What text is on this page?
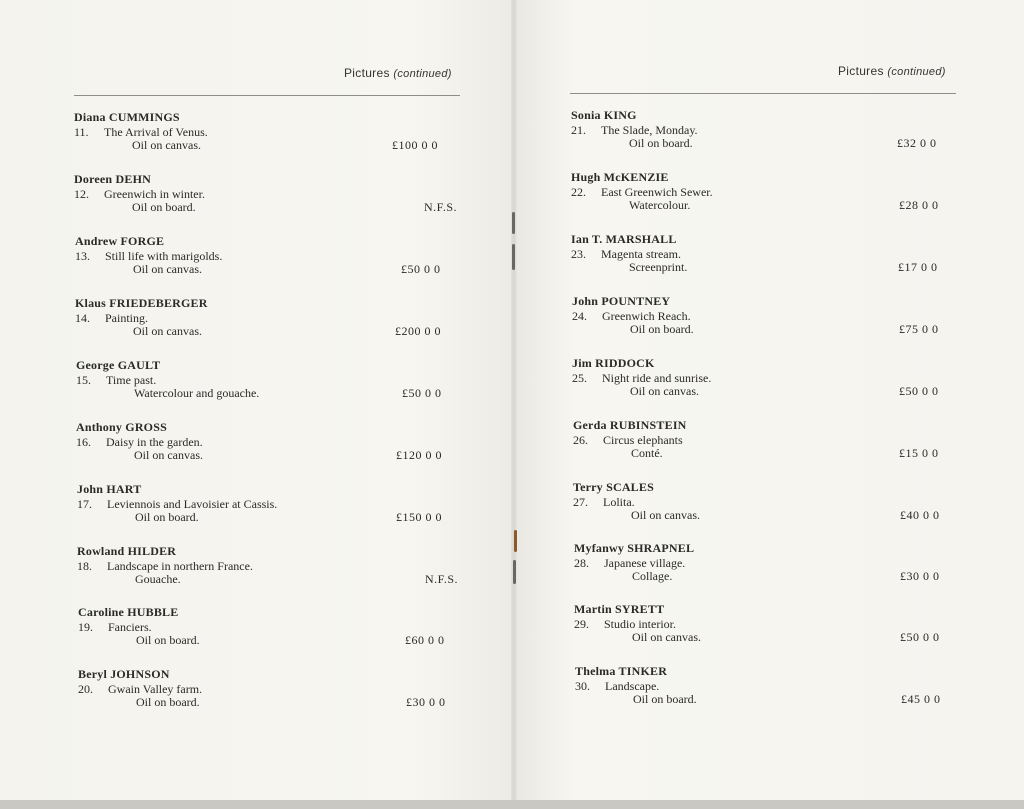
Pictures (continued)	Pictures (continued)
Diana CUMMINGS
11. The Arrival of Venus.
Oil on canvas.	£100 0 0
Doreen DEHN
12. Greenwich in winter.
Oil on board.	N.F.S.
Andrew FORGE
13. Still life with marigolds.
Oil on canvas.	£50 0 0
Klaus FRIEDEBERGER
14. Painting.
Oil on canvas.	£200 0 0
George GAULT
15. Time past.
Watercolour and gouache.	£50 0 0
Anthony GROSS
16. Daisy in the garden.
Oil on canvas.	£120 0 0
John HART
17. Leviennois and Lavoisier at Cassis.
Oil on board.	£150 0 0
Rowland HILDER
18. Landscape in northern France.
Gouache.	N.F.S.
Caroline HUBBLE
19. Fanciers.
Oil on board.	£60 0 0
Beryl JOHNSON
20. Gwain Valley farm.
Oil on board.	£30 0 0
Sonia KING
21. The Slade, Monday.
Oil on board.	£32 0 0
Hugh McKENZIE
22. East Greenwich Sewer.
Watercolour.	£28 0 0
Ian T. MARSHALL
23. Magenta stream.
Screenprint.	£17 0 0
John POUNTNEY
24. Greenwich Reach.
Oil on board.	£75 0 0
Jim RIDDOCK
25. Night ride and sunrise.
Oil on canvas.	£50 0 0
Gerda RUBINSTEIN
26. Circus elephants
Conté.	£15 0 0
Terry SCALES
27. Lolita.
Oil on canvas.	£40 0 0
Myfanwy SHRAPNEL
28. Japanese village.
Collage.	£30 0 0
Martin SYRETT
29. Studio interior.
Oil on canvas.	£50 0 0
Thelma TINKER
30. Landscape.
Oil on board.	£45 0 0
